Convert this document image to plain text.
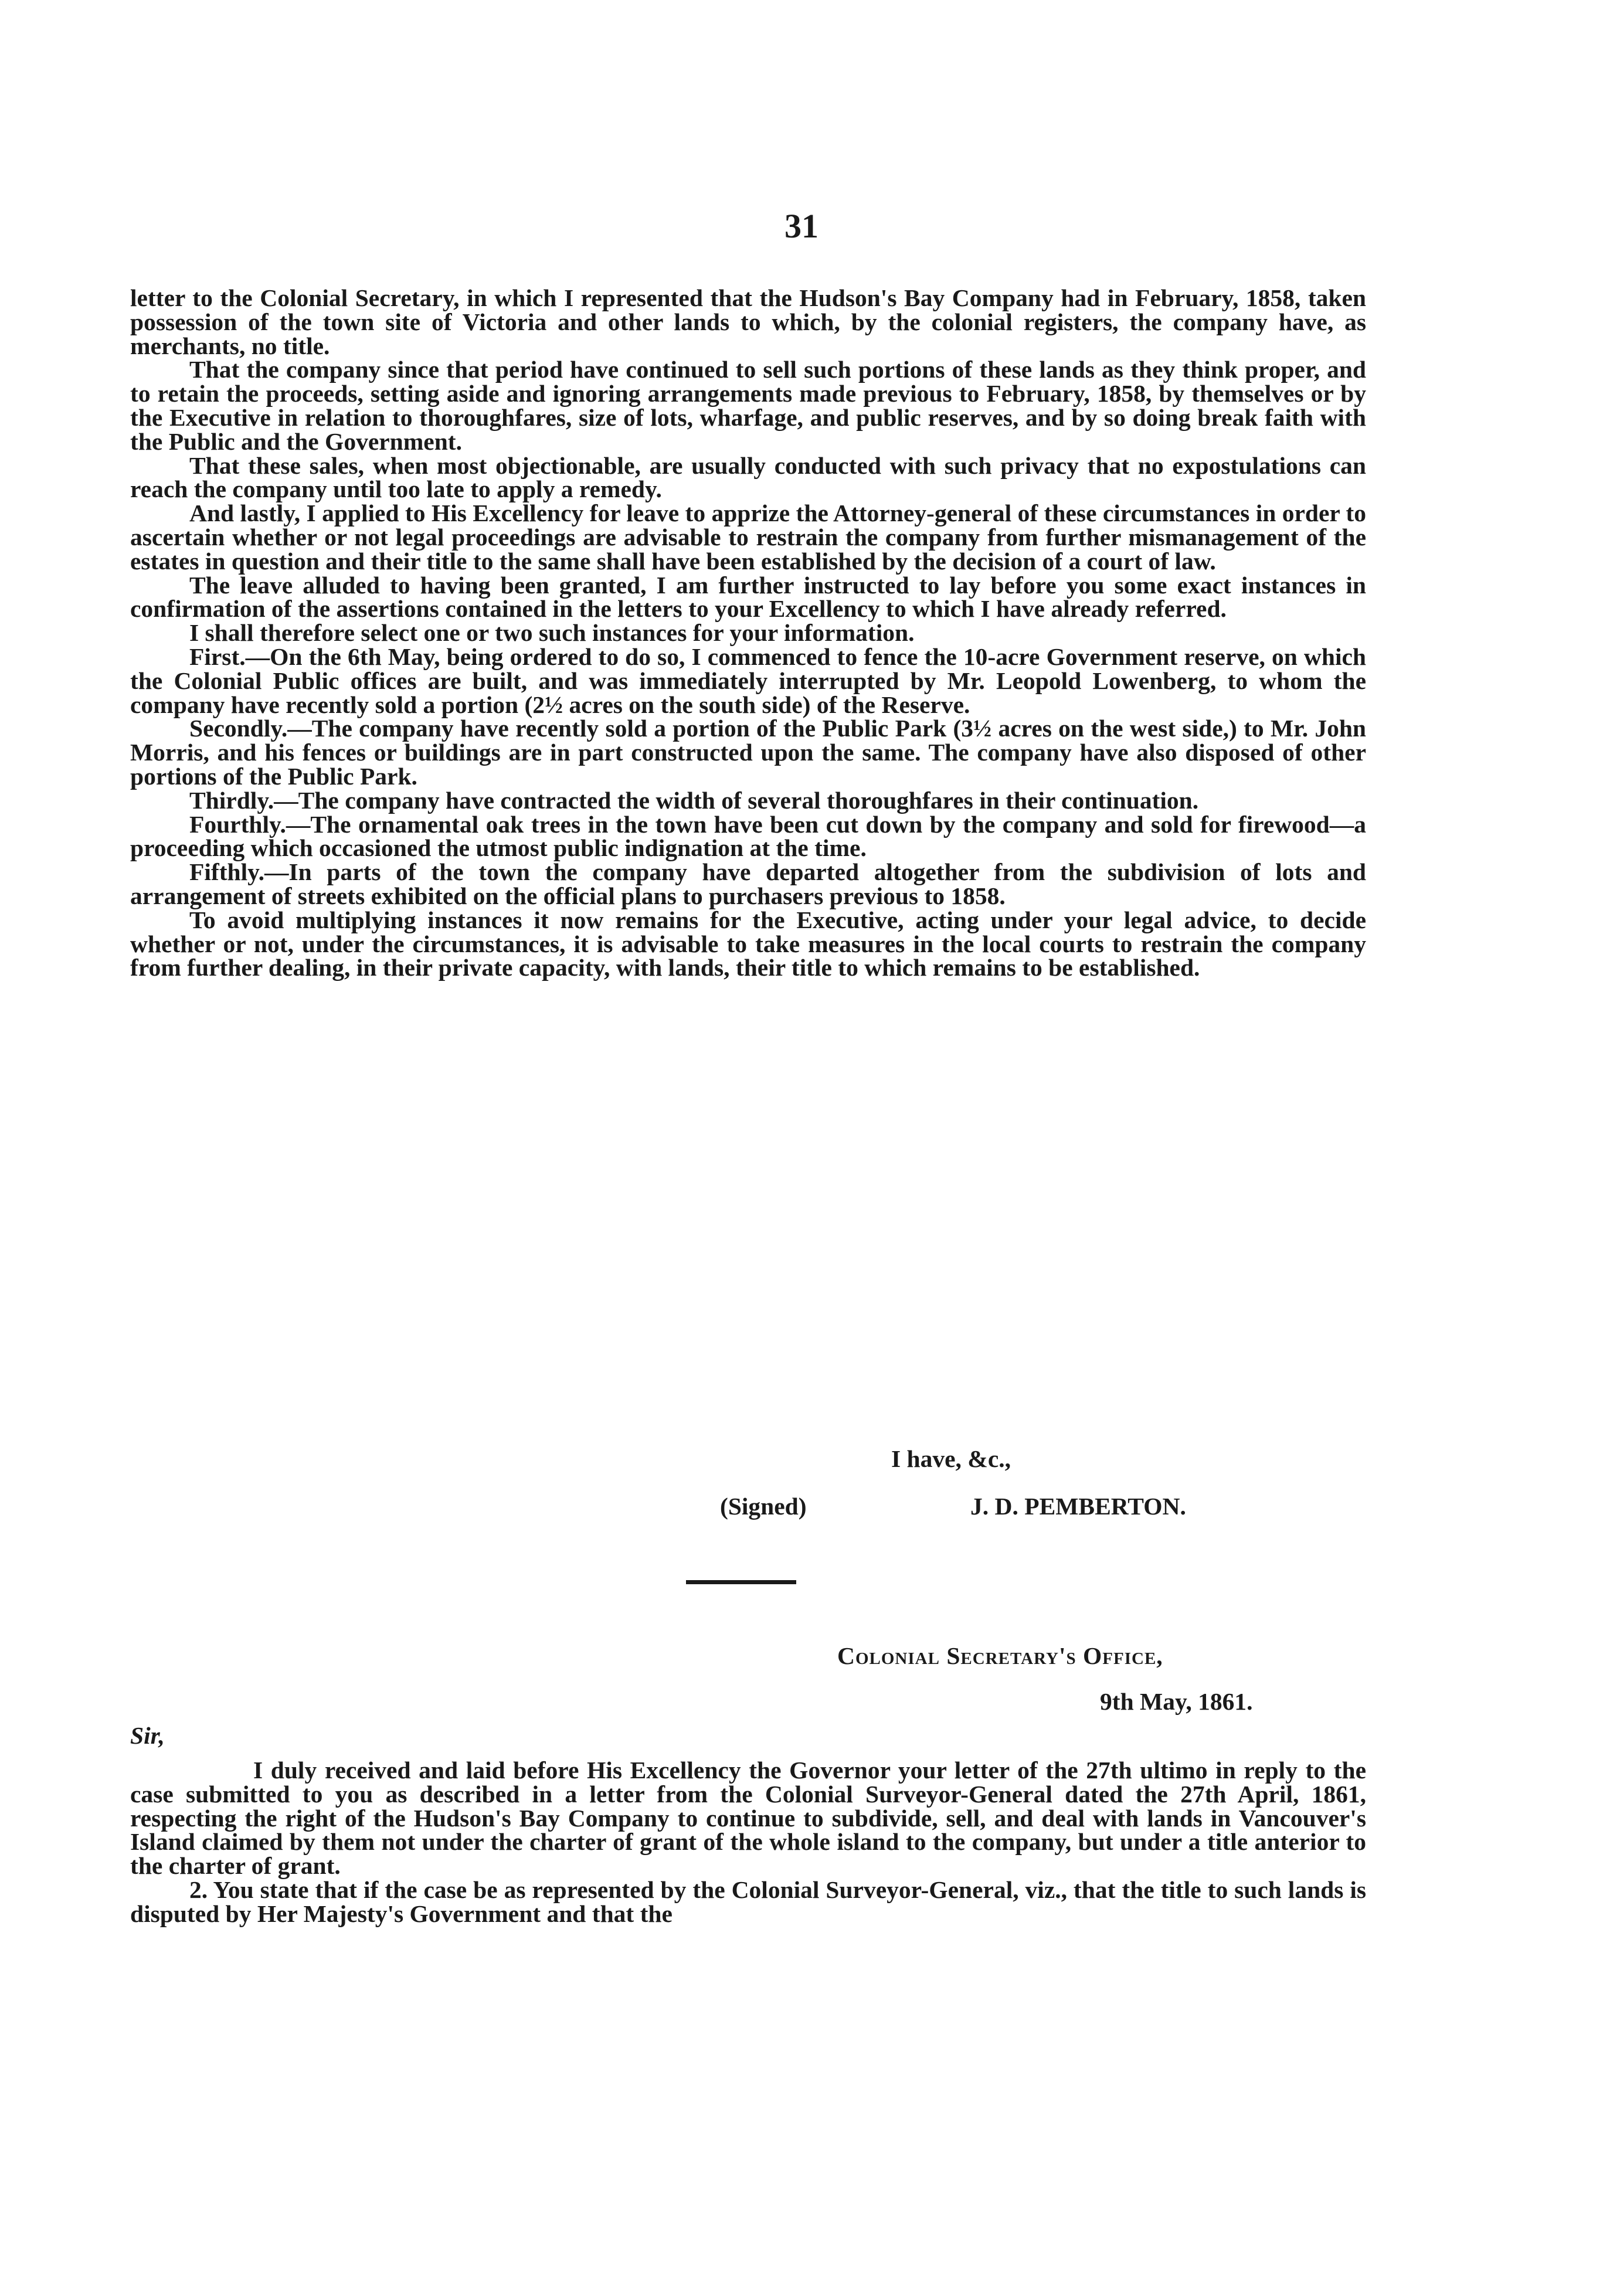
31

letter to the Colonial Secretary, in which I represented that the Hudson's Bay Company had in February, 1858, taken possession of the town site of Victoria and other lands to which, by the colonial registers, the company have, as merchants, no title.

That the company since that period have continued to sell such portions of these lands as they think proper, and to retain the proceeds, setting aside and ignoring arrangements made previous to February, 1858, by themselves or by the Executive in relation to thoroughfares, size of lots, wharfage, and public reserves, and by so doing break faith with the Public and the Government.

That these sales, when most objectionable, are usually conducted with such privacy that no expostulations can reach the company until too late to apply a remedy.

And lastly, I applied to His Excellency for leave to apprize the Attorney-general of these circumstances in order to ascertain whether or not legal proceedings are advisable to restrain the company from further mismanagement of the estates in question and their title to the same shall have been established by the decision of a court of law.

The leave alluded to having been granted, I am further instructed to lay before you some exact instances in confirmation of the assertions contained in the letters to your Excellency to which I have already referred.

I shall therefore select one or two such instances for your information.

First.—On the 6th May, being ordered to do so, I commenced to fence the 10-acre Government reserve, on which the Colonial Public offices are built, and was immediately interrupted by Mr. Leopold Lowenberg, to whom the company have recently sold a portion (2½ acres on the south side) of the Reserve.

Secondly.—The company have recently sold a portion of the Public Park (3½ acres on the west side,) to Mr. John Morris, and his fences or buildings are in part constructed upon the same. The company have also disposed of other portions of the Public Park.

Thirdly.—The company have contracted the width of several thoroughfares in their continuation.

Fourthly.—The ornamental oak trees in the town have been cut down by the company and sold for firewood—a proceeding which occasioned the utmost public indignation at the time.

Fifthly.—In parts of the town the company have departed altogether from the subdivision of lots and arrangement of streets exhibited on the official plans to purchasers previous to 1858.

To avoid multiplying instances it now remains for the Executive, acting under your legal advice, to decide whether or not, under the circumstances, it is advisable to take measures in the local courts to restrain the company from further dealing, in their private capacity, with lands, their title to which remains to be established.

I have, &c.,
(Signed)	J. D. PEMBERTON.
Colonial Secretary's Office,
9th May, 1861.
Sir,

I duly received and laid before His Excellency the Governor your letter of the 27th ultimo in reply to the case submitted to you as described in a letter from the Colonial Surveyor-General dated the 27th April, 1861, respecting the right of the Hudson's Bay Company to continue to subdivide, sell, and deal with lands in Vancouver's Island claimed by them not under the charter of grant of the whole island to the company, but under a title anterior to the charter of grant.

2. You state that if the case be as represented by the Colonial Surveyor-General, viz., that the title to such lands is disputed by Her Majesty's Government and that the
